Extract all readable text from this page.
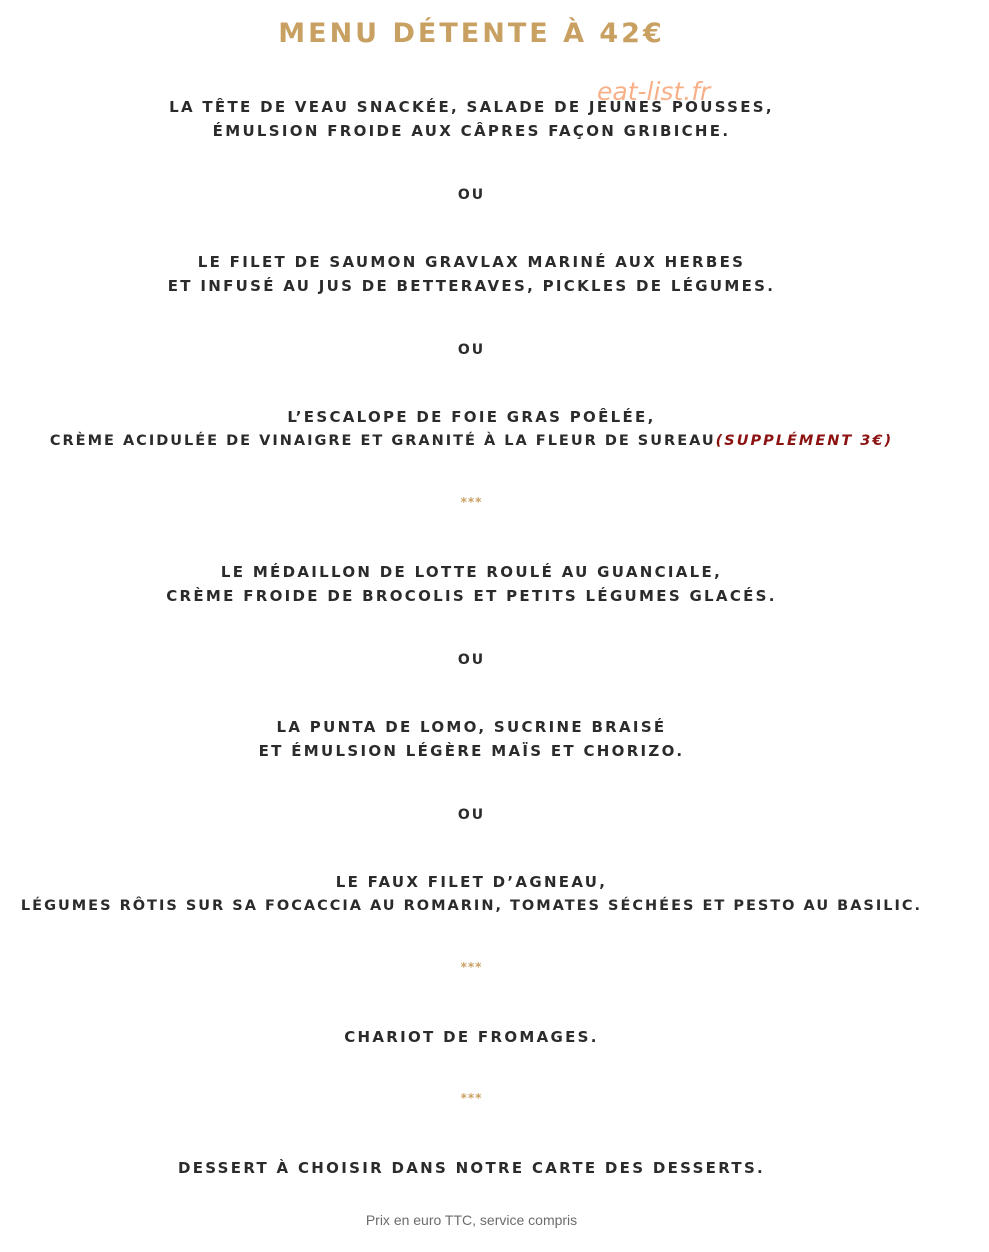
MENU DÉTENTE À 42€
LA TÊTE DE VEAU SNACKÉE, SALADE DE JEUNES POUSSES,
ÉMULSION FROIDE AUX CÂPRES FAÇON GRIBICHE.
eat-list.fr
OU
LE FILET DE SAUMON GRAVLAX MARINÉ AUX HERBES
ET INFUSÉ AU JUS DE BETTERAVES, PICKLES DE LÉGUMES.
OU
L’ESCALOPE DE FOIE GRAS POÊLÉE,
CRÈME ACIDULÉE DE VINAIGRE ET GRANITÉ À LA FLEUR DE SUREAU(SUPPLÉMENT 3€)
***
LE MÉDAILLON DE LOTTE ROULÉ AU GUANCIALE,
CRÈME FROIDE DE BROCOLIS ET PETITS LÉGUMES GLACÉS.
OU
LA PUNTA DE LOMO, SUCRINE BRAISÉ
ET ÉMULSION LÉGÈRE MAÏS ET CHORIZO.
OU
LE FAUX FILET D’AGNEAU,
LÉGUMES RÔTIS SUR SA FOCACCIA AU ROMARIN, TOMATES SÉCHÉES ET PESTO AU BASILIC.
***
CHARIOT DE FROMAGES.
***
DESSERT À CHOISIR DANS NOTRE CARTE DES DESSERTS.
Prix en euro TTC, service compris
